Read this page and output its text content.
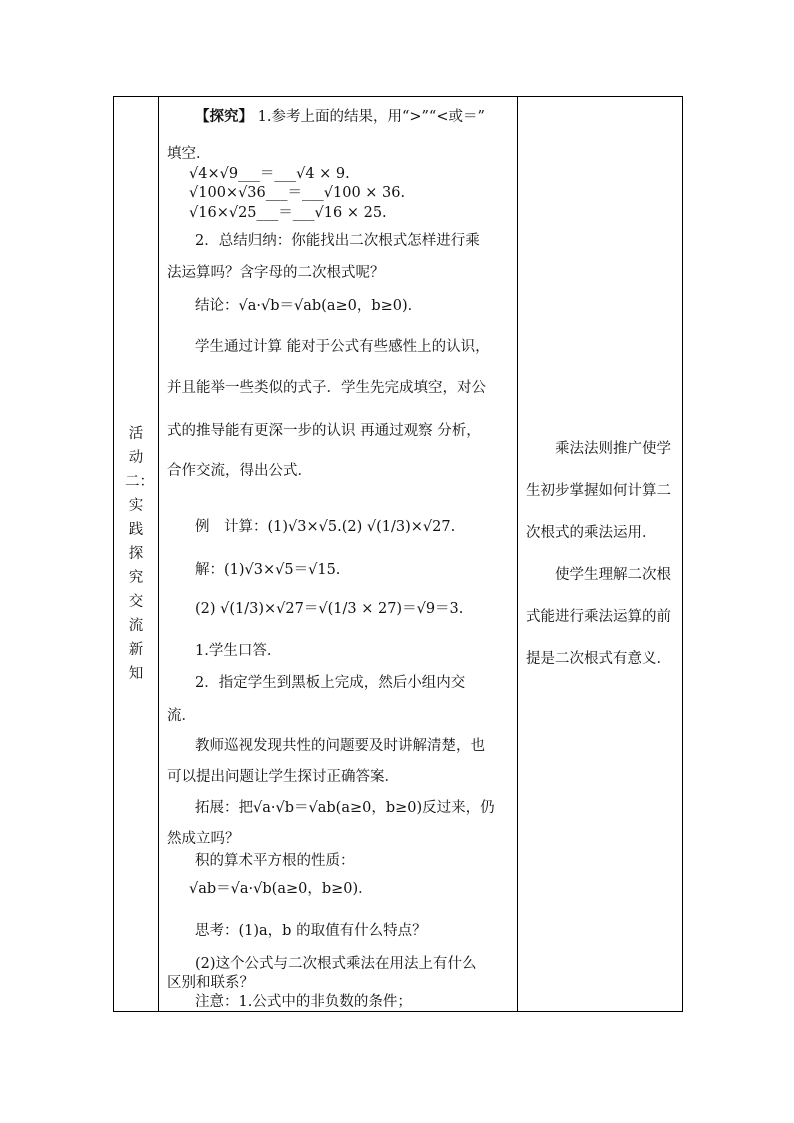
活动二：实践探究交流新知

【探究】 1.参考上面的结果，用“>”“<或＝”
填空．
√4×√9___＝___√4 × 9.
√100×√36___＝___√100 × 36.
√16×√25___＝___√16 × 25.
2．总结归纳：你能找出二次根式怎样进行乘
法运算吗？含字母的二次根式呢？
结论：√a·√b＝√ab(a≥0，b≥0)．
学生通过计算 能对于公式有些感性上的认识，
并且能举一些类似的式子．学生先完成填空，对公
式的推导能有更深一步的认识 再通过观察 分析，
合作交流，得出公式．
例　计算：(1)√3×√5.(2) √(1/3)×√27.
解：(1)√3×√5＝√15.
(2) √(1/3)×√27＝√(1/3 × 27)＝√9＝3.
1.学生口答．
2．指定学生到黑板上完成，然后小组内交
流．
教师巡视发现共性的问题要及时讲解清楚，也
可以提出问题让学生探讨正确答案．
拓展：把√a·√b＝√ab(a≥0，b≥0)反过来，仍
然成立吗？
积的算术平方根的性质：
√ab＝√a·√b(a≥0，b≥0)．
思考：(1)a，b 的取值有什么特点？
(2)这个公式与二次根式乘法在用法上有什么
区别和联系？
注意：1.公式中的非负数的条件；

乘法法则推广使学生初步掌握如何计算二次根式的乘法运用．

使学生理解二次根式能进行乘法运算的前提是二次根式有意义．
